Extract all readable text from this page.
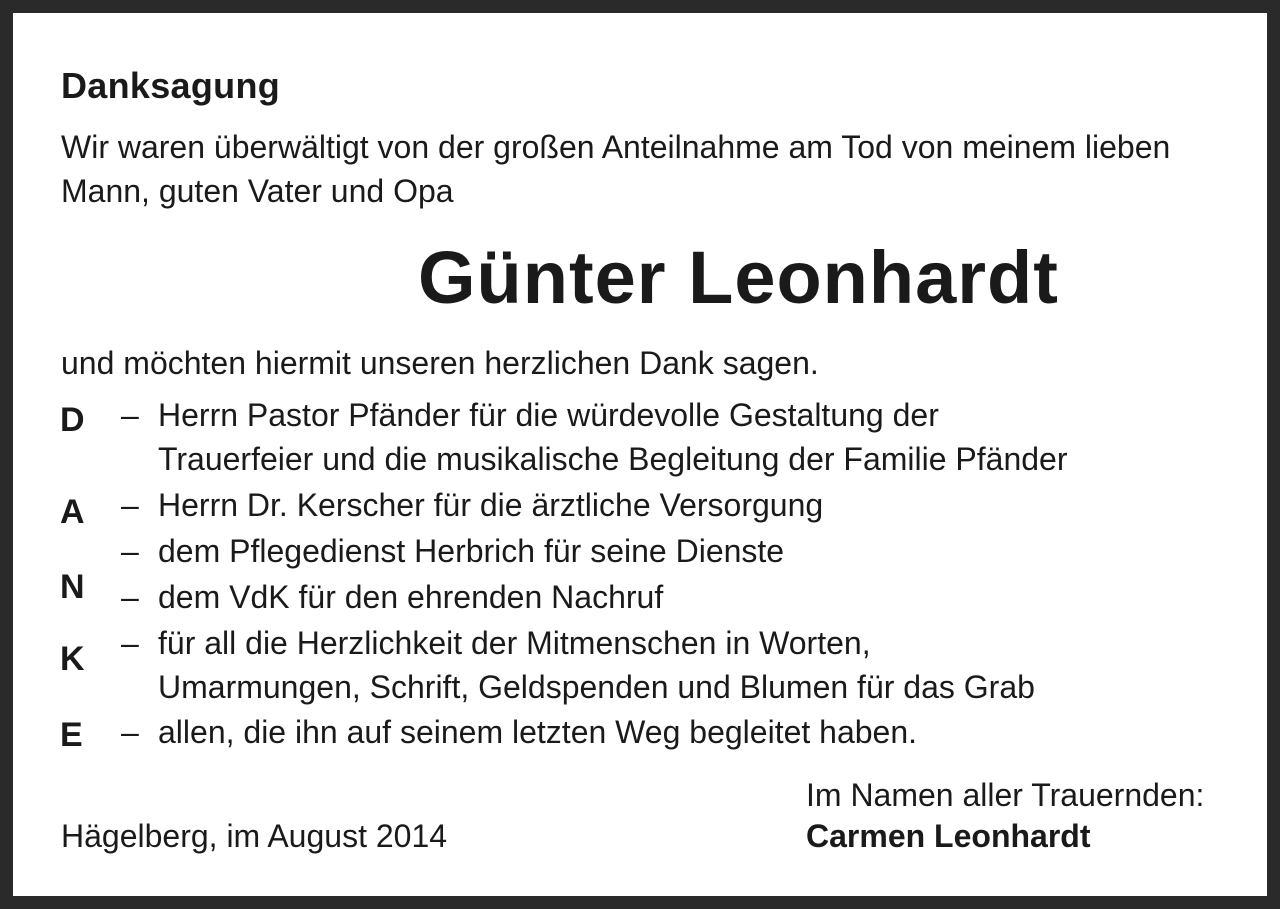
Danksagung
Wir waren überwältigt von der großen Anteilnahme am Tod von meinem lieben
Mann, guten Vater und Opa
Günter Leonhardt
und möchten hiermit unseren herzlichen Dank sagen.
D
A
N
K
E
– Herrn Pastor Pfänder für die würdevolle Gestaltung der
Trauerfeier und die musikalische Begleitung der Familie Pfänder
– Herrn Dr. Kerscher für die ärztliche Versorgung
– dem Pflegedienst Herbrich für seine Dienste
– dem VdK für den ehrenden Nachruf
– für all die Herzlichkeit der Mitmenschen in Worten,
Umarmungen, Schrift, Geldspenden und Blumen für das Grab
– allen, die ihn auf seinem letzten Weg begleitet haben.
Im Namen aller Trauernden:
Hägelberg, im August 2014	Carmen Leonhardt
